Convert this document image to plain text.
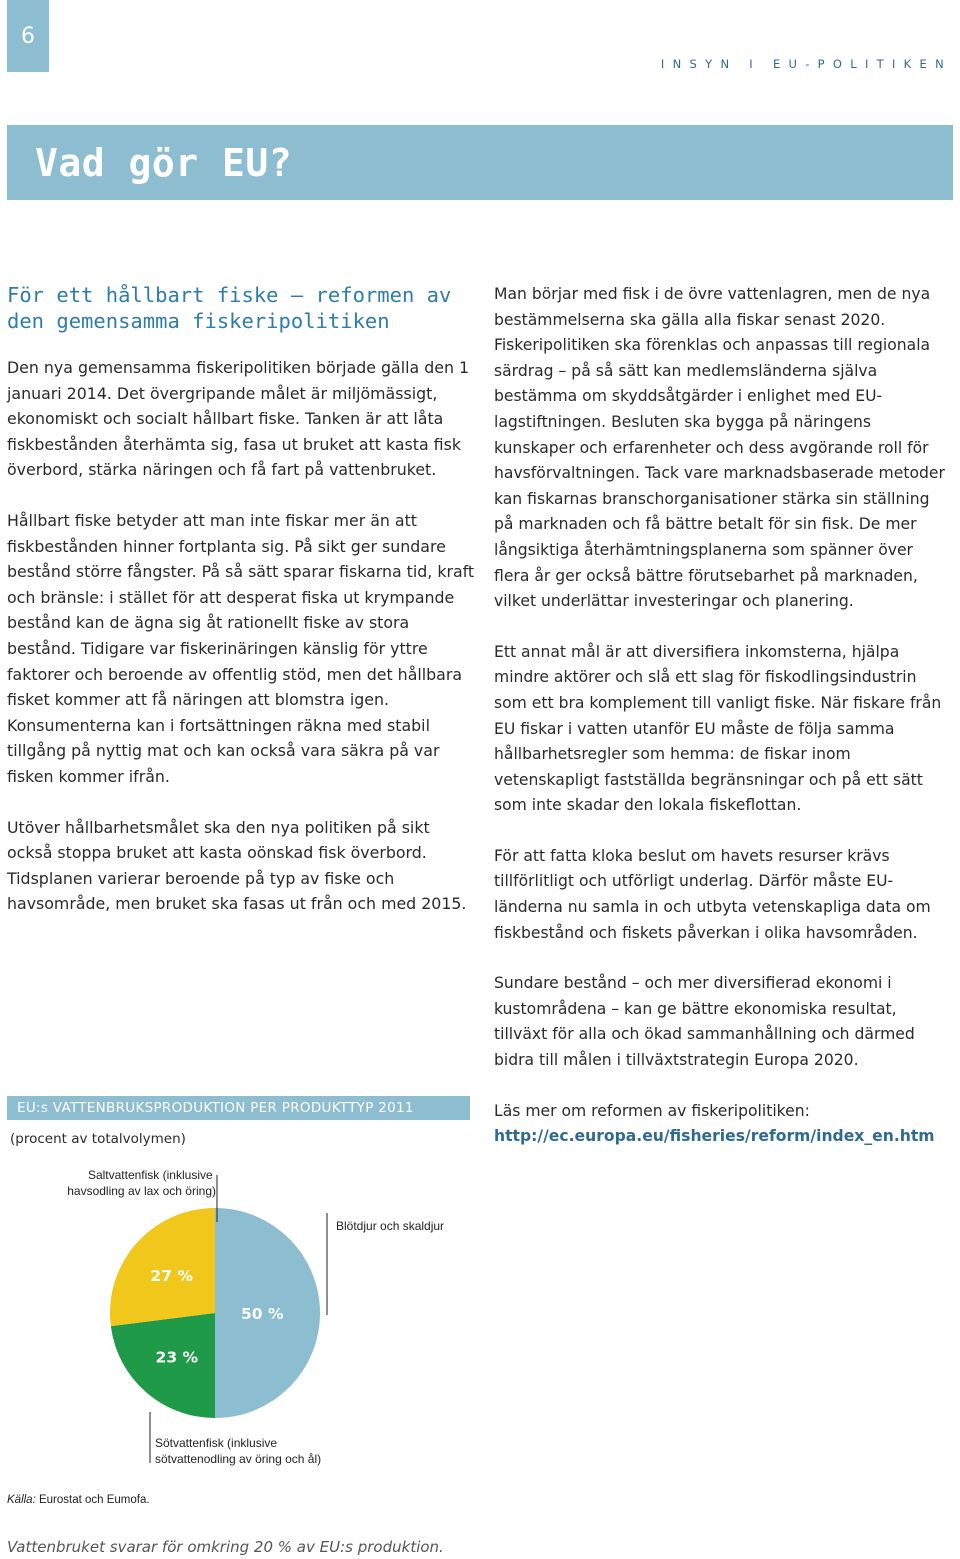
6
INSYN I EU-POLITIKEN
Vad gör EU?
För ett hållbart fiske – reformen av den gemensamma fiskeripolitiken

Den nya gemensamma fiskeripolitiken började gälla den 1 januari 2014. Det övergripande målet är miljömässigt, ekonomiskt och socialt hållbart fiske. Tanken är att låta fiskbestånden återhämta sig, fasa ut bruket att kasta fisk överbord, stärka näringen och få fart på vattenbruket.

Hållbart fiske betyder att man inte fiskar mer än att fiskbestånden hinner fortplanta sig. På sikt ger sundare bestånd större fångster. På så sätt sparar fiskarna tid, kraft och bränsle: i stället för att desperat fiska ut krympande bestånd kan de ägna sig åt rationellt fiske av stora bestånd. Tidigare var fiskerinäringen känslig för yttre faktorer och beroende av offentlig stöd, men det hållbara fisket kommer att få näringen att blomstra igen. Konsumenterna kan i fortsättningen räkna med stabil tillgång på nyttig mat och kan också vara säkra på var fisken kommer ifrån.

Utöver hållbarhetsmålet ska den nya politiken på sikt också stoppa bruket att kasta oönskad fisk överbord. Tidsplanen varierar beroende på typ av fiske och havsområde, men bruket ska fasas ut från och med 2015.

Man börjar med fisk i de övre vattenlagren, men de nya bestämmelserna ska gälla alla fiskar senast 2020. Fiskeripolitiken ska förenklas och anpassas till regionala särdrag – på så sätt kan medlemsländerna själva bestämma om skyddsåtgärder i enlighet med EU-lagstiftningen. Besluten ska bygga på näringens kunskaper och erfarenheter och dess avgörande roll för havsförvaltningen. Tack vare marknadsbaserade metoder kan fiskarnas branschorganisationer stärka sin ställning på marknaden och få bättre betalt för sin fisk. De mer långsiktiga återhämtningsplanerna som spänner över flera år ger också bättre förutsebarhet på marknaden, vilket underlättar investeringar och planering.

Ett annat mål är att diversifiera inkomsterna, hjälpa mindre aktörer och slå ett slag för fiskodlingsindustrin som ett bra komplement till vanligt fiske. När fiskare från EU fiskar i vatten utanför EU måste de följa samma hållbarhetsregler som hemma: de fiskar inom vetenskapligt fastställda begränsningar och på ett sätt som inte skadar den lokala fiskeflottan.

För att fatta kloka beslut om havets resurser krävs tillförlitligt och utförligt underlag. Därför måste EU-länderna nu samla in och utbyta vetenskapliga data om fiskbestånd och fiskets påverkan i olika havsområden.

Sundare bestånd – och mer diversifierad ekonomi i kustområdena – kan ge bättre ekonomiska resultat, tillväxt för alla och ökad sammanhållning och därmed bidra till målen i tillväxtstrategin Europa 2020.

Läs mer om reformen av fiskeripolitiken:

http://ec.europa.eu/fisheries/reform/index_en.htm

EU:s VATTENBRUKSPRODUKTION PER PRODUKTTYP 2011
(procent av totalvolymen)
50 %
23 %
27 %
Saltvattenfisk (inklusive havsodling av lax och öring)
Blötdjur och skaldjur
Sötvattenfisk (inklusive sötvattenodling av öring och ål)
Källa: Eurostat och Eumofa.
Vattenbruket svarar för omkring 20 % av EU:s produktion.
